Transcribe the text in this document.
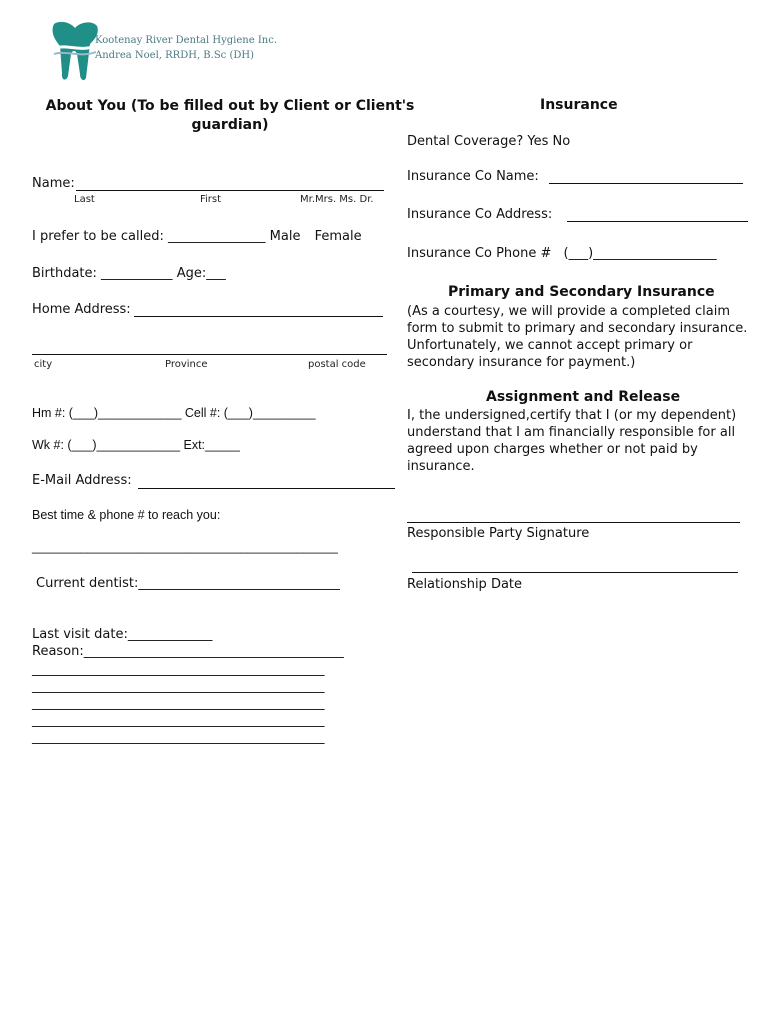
Kootenay River Dental Hygiene Inc.
Andrea Noel, RRDH, B.Sc (DH)
About You (To be filled out by Client or Client's guardian)
Name:
Last	First	Mr.Mrs. Ms. Dr.
I prefer to be called: _______________ Male Female
Birthdate: ___________ Age:___
Home Address:
city	Province	postal code
Hm #: (___)____________ Cell #: (___)_________
Wk #: (___)____________ Ext:_____
E-Mail Address:
Best time & phone # to reach you:
____________________________________________
Current dentist:_______________________________
Last visit date:_____________
Reason:________________________________________
_____________________________________________
_____________________________________________
_____________________________________________
_____________________________________________
_____________________________________________
Insurance
Dental Coverage? Yes No
Insurance Co Name:
Insurance Co Address:
Insurance Co Phone # (___)___________________
Primary and Secondary Insurance
(As a courtesy, we will provide a completed claim
form to submit to primary and secondary insurance.
Unfortunately, we cannot accept primary or
secondary insurance for payment.)
Assignment and Release
I, the undersigned,certify that I (or my dependent)
understand that I am financially responsible for all
agreed upon charges whether or not paid by
insurance.
Responsible Party Signature
Relationship Date
